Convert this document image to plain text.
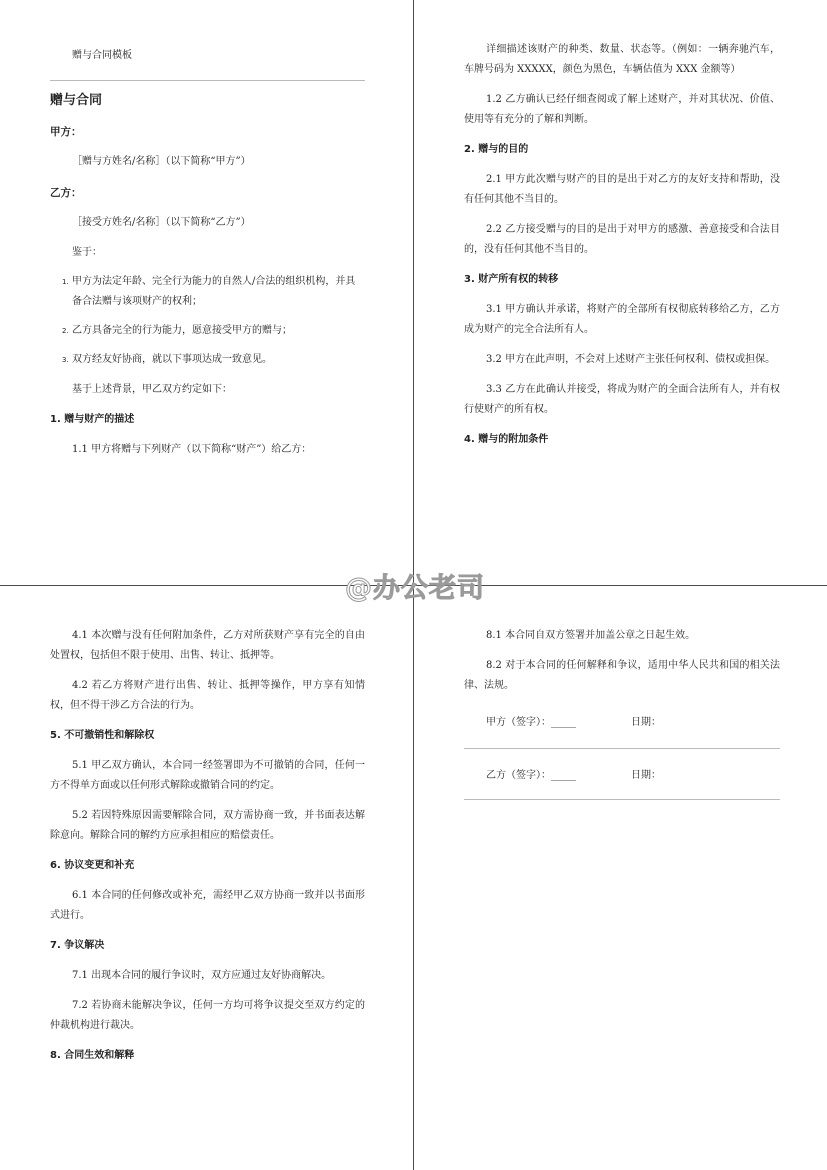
赠与合同模板

赠与合同

甲方：

［赠与方姓名/名称］（以下简称“甲方”）

乙方：

［接受方姓名/名称］（以下简称“乙方”）

鉴于：

1. 甲方为法定年龄、完全行为能力的自然人/合法的组织机构，并具备合法赠与该项财产的权利；
2. 乙方具备完全的行为能力，愿意接受甲方的赠与；
3. 双方经友好协商，就以下事项达成一致意见。

基于上述背景，甲乙双方约定如下：

1. 赠与财产的描述

1.1 甲方将赠与下列财产（以下简称“财产”）给乙方：

详细描述该财产的种类、数量、状态等。（例如：一辆奔驰汽车，车牌号码为 XXXXX，颜色为黑色，车辆估值为 XXX 金额等）

1.2 乙方确认已经仔细查阅或了解上述财产，并对其状况、价值、使用等有充分的了解和判断。

2. 赠与的目的

2.1 甲方此次赠与财产的目的是出于对乙方的友好支持和帮助，没有任何其他不当目的。

2.2 乙方接受赠与的目的是出于对甲方的感激、善意接受和合法目的，没有任何其他不当目的。

3. 财产所有权的转移

3.1 甲方确认并承诺，将财产的全部所有权彻底转移给乙方，乙方成为财产的完全合法所有人。

3.2 甲方在此声明，不会对上述财产主张任何权利、债权或担保。

3.3 乙方在此确认并接受，将成为财产的全面合法所有人，并有权行使财产的所有权。

4. 赠与的附加条件

4.1 本次赠与没有任何附加条件，乙方对所获财产享有完全的自由处置权，包括但不限于使用、出售、转让、抵押等。

4.2 若乙方将财产进行出售、转让、抵押等操作，甲方享有知情权，但不得干涉乙方合法的行为。

5. 不可撤销性和解除权

5.1 甲乙双方确认，本合同一经签署即为不可撤销的合同，任何一方不得单方面或以任何形式解除或撤销合同的约定。

5.2 若因特殊原因需要解除合同，双方需协商一致，并书面表达解除意向。解除合同的解约方应承担相应的赔偿责任。

6. 协议变更和补充

6.1 本合同的任何修改或补充，需经甲乙双方协商一致并以书面形式进行。

7. 争议解决

7.1 出现本合同的履行争议时，双方应通过友好协商解决。

7.2 若协商未能解决争议，任何一方均可将争议提交至双方约定的仲裁机构进行裁决。

8. 合同生效和解释

8.1 本合同自双方签署并加盖公章之日起生效。

8.2 对于本合同的任何解释和争议，适用中华人民共和国的相关法律、法规。

甲方（签字）：_____	日期：
乙方（签字）：_____	日期：
@办公老司
